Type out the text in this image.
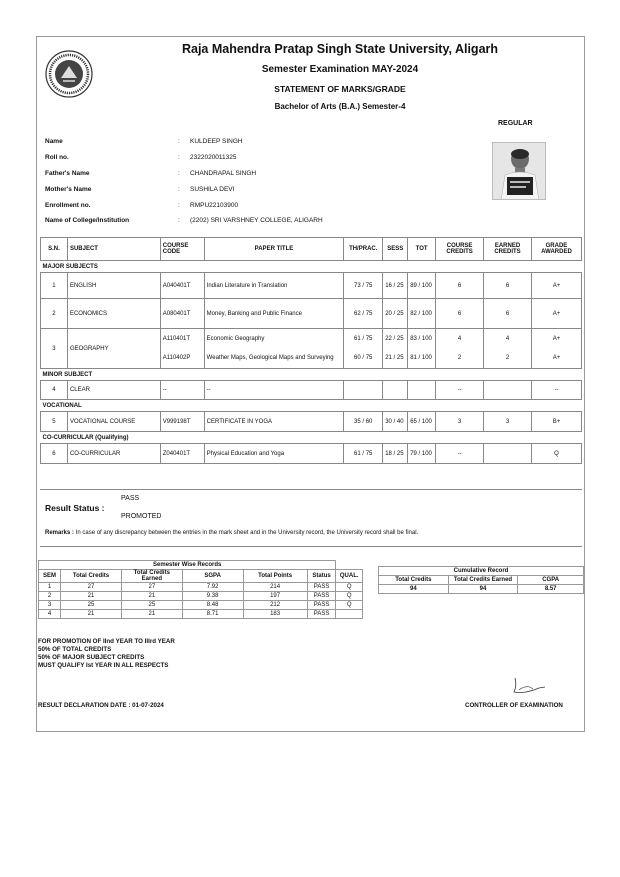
Raja Mahendra Pratap Singh State University, Aligarh
Semester Examination MAY-2024
STATEMENT OF MARKS/GRADE
Bachelor of Arts (B.A.) Semester-4
REGULAR
Name	:	KULDEEP SINGH
Roll no.	:	2322020011325
Father's Name	:	CHANDRAPAL SINGH
Mother's Name	:	SUSHILA DEVI
Enrollment no.	:	RMPU22103900
Name of College/Institution	:	(2202) SRI VARSHNEY COLLEGE, ALIGARH
S.N.	SUBJECT	COURSE CODE	PAPER TITLE	TH/PRAC.	SESS	TOT	COURSE CREDITS	EARNED CREDITS	GRADE AWARDED
MAJOR SUBJECTS									
1	ENGLISH	A040401T	Indian Literature in Translation	73 / 75	16 / 25	89 / 100	6	6	A+
2	ECONOMICS	A080401T	Money, Banking and Public Finance	62 / 75	20 / 25	82 / 100	6	6	A+
3	GEOGRAPHY	A110401T	Economic Geography	61 / 75	22 / 25	83 / 100	4	4	A+
		A110402P	Weather Maps, Geological Maps and Surveying	60 / 75	21 / 25	81 / 100	2	2	A+
MINOR SUBJECT									
4	CLEAR	--	--				--		--
VOCATIONAL									
5	VOCATIONAL COURSE	V999198T	CERTIFICATE IN YOGA	35 / 60	30 / 40	65 / 100	3	3	B+
CO-CURRICULAR (Qualifying)									
6	CO-CURRICULAR	Z040401T	Physical Education and Yoga	61 / 75	18 / 25	79 / 100	--		Q
Result Status :
PASS
PROMOTED
Remarks : In case of any discrepancy between the entries in the mark sheet and in the University record, the University record shall be final.
Semester Wise Records						
SEM	Total Credits	Total Credits Earned	SGPA	Total Points	Status	QUAL.
1	27	27	7.92	214	PASS	Q
2	21	21	9.38	197	PASS	Q
3	25	25	8.48	212	PASS	Q
4	21	21	8.71	183	PASS	
Cumulative Record		
Total Credits	Total Credits Earned	CGPA
94	94	8.57
FOR PROMOTION OF IInd YEAR TO IIIrd YEAR
50% OF TOTAL CREDITS
50% OF MAJOR SUBJECT CREDITS
MUST QUALIFY Ist YEAR IN ALL RESPECTS
RESULT DECLARATION DATE : 01-07-2024	CONTROLLER OF EXAMINATION
